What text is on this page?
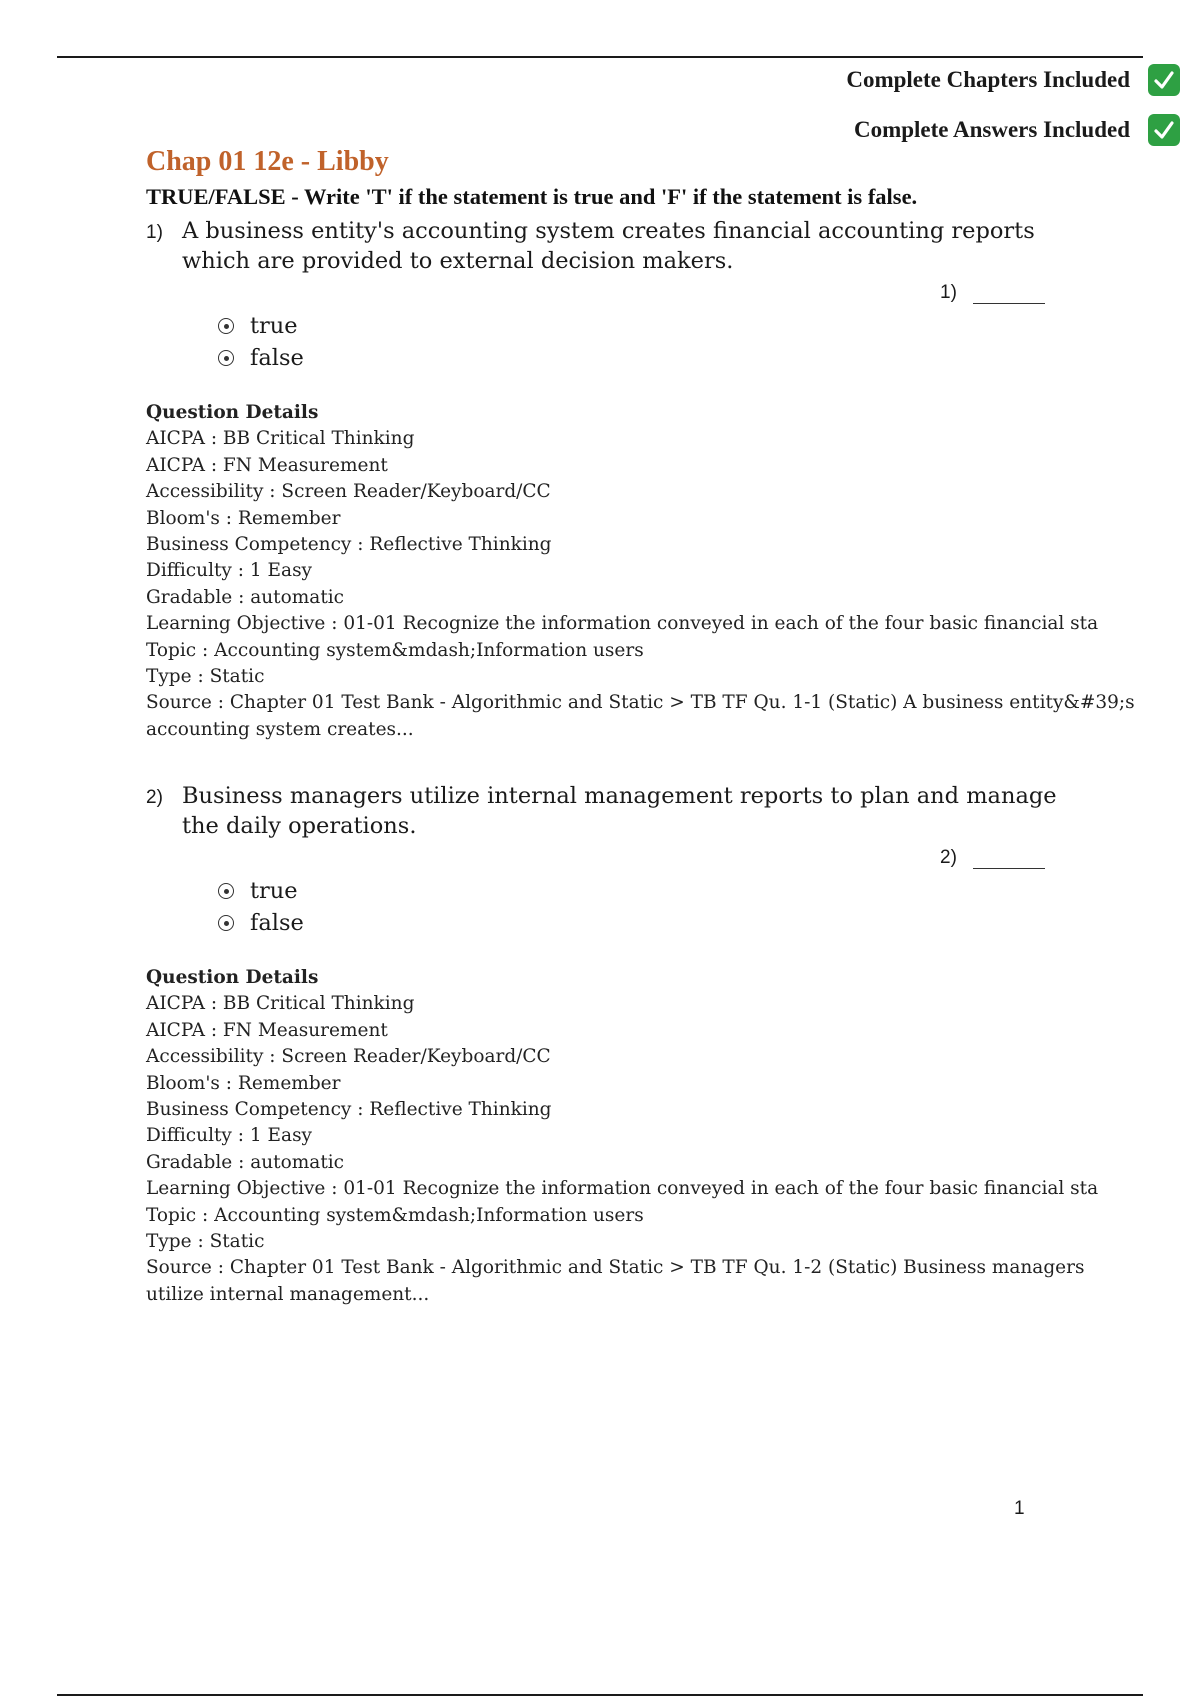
Complete Chapters Included
Complete Answers Included
Chap 01 12e - Libby
TRUE/FALSE - Write 'T' if the statement is true and 'F' if the statement is false.
1) A business entity's accounting system creates financial accounting reports which are provided to external decision makers.
1)
true
false
Question Details
AICPA : BB Critical Thinking
AICPA : FN Measurement
Accessibility : Screen Reader/Keyboard/CC
Bloom's : Remember
Business Competency : Reflective Thinking
Difficulty : 1 Easy
Gradable : automatic
Learning Objective : 01-01 Recognize the information conveyed in each of the four basic financial sta
Topic : Accounting system&mdash;Information users
Type : Static
Source : Chapter 01 Test Bank - Algorithmic and Static > TB TF Qu. 1-1 (Static) A business entity&#39;s accounting system creates...
2) Business managers utilize internal management reports to plan and manage the daily operations.
2)
true
false
Question Details
AICPA : BB Critical Thinking
AICPA : FN Measurement
Accessibility : Screen Reader/Keyboard/CC
Bloom's : Remember
Business Competency : Reflective Thinking
Difficulty : 1 Easy
Gradable : automatic
Learning Objective : 01-01 Recognize the information conveyed in each of the four basic financial sta
Topic : Accounting system&mdash;Information users
Type : Static
Source : Chapter 01 Test Bank - Algorithmic and Static > TB TF Qu. 1-2 (Static) Business managers utilize internal management...
1
